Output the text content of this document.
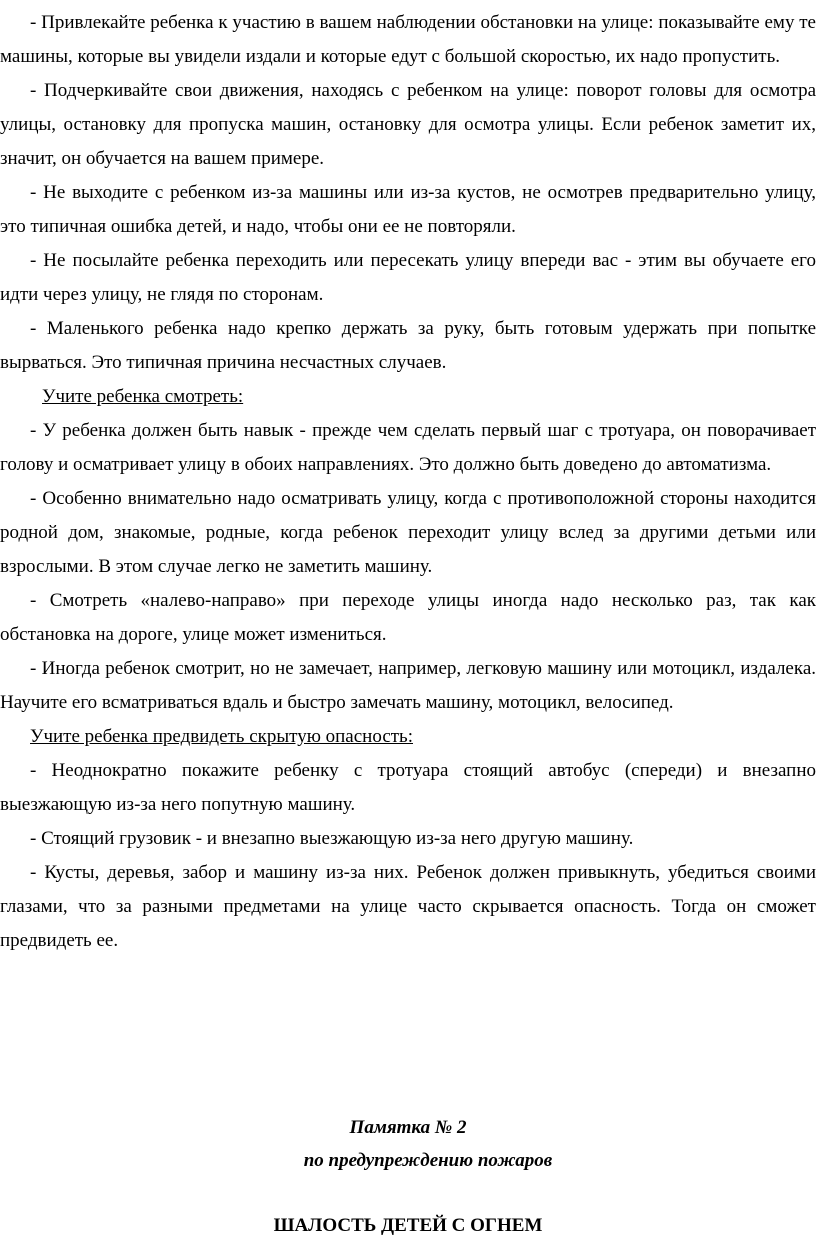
- Привлекайте ребенка к участию в вашем наблюдении обстановки на улице: показывайте ему те машины, которые вы увидели издали и которые едут с большой скоростью, их надо пропустить.

- Подчеркивайте свои движения, находясь с ребенком на улице: поворот головы для осмотра улицы, остановку для пропуска машин, остановку для осмотра улицы. Если ребенок заметит их, значит, он обучается на вашем примере.

- Не выходите с ребенком из-за машины или из-за кустов, не осмотрев предварительно улицу, это типичная ошибка детей, и надо, чтобы они ее не повторяли.

- Не посылайте ребенка переходить или пересекать улицу впереди вас - этим вы обучаете его идти через улицу, не глядя по сторонам.

- Маленького ребенка надо крепко держать за руку, быть готовым удержать при попытке вырваться. Это типичная причина несчастных случаев.

Учите ребенка смотреть:

- У ребенка должен быть навык - прежде чем сделать первый шаг с тротуара, он поворачивает голову и осматривает улицу в обоих направлениях. Это должно быть доведено до автоматизма.

- Особенно внимательно надо осматривать улицу, когда с противоположной стороны находится родной дом, знакомые, родные, когда ребенок переходит улицу вслед за другими детьми или взрослыми. В этом случае легко не заметить машину.

- Смотреть «налево-направо» при переходе улицы иногда надо несколько раз, так как обстановка на дороге, улице может измениться.

- Иногда ребенок смотрит, но не замечает, например, легковую машину или мотоцикл, издалека. Научите его всматриваться вдаль и быстро замечать машину, мотоцикл, велосипед.

Учите ребенка предвидеть скрытую опасность:

- Неоднократно покажите ребенку с тротуара стоящий автобус (спереди) и внезапно выезжающую из-за него попутную машину.

- Стоящий грузовик - и внезапно выезжающую из-за него другую машину.

- Кусты, деревья, забор и машину из-за них. Ребенок должен привыкнуть, убедиться своими глазами, что за разными предметами на улице часто скрывается опасность. Тогда он сможет предвидеть ее.

Памятка № 2
по предупреждению пожаров
ШАЛОСТЬ ДЕТЕЙ С ОГНЕМ
